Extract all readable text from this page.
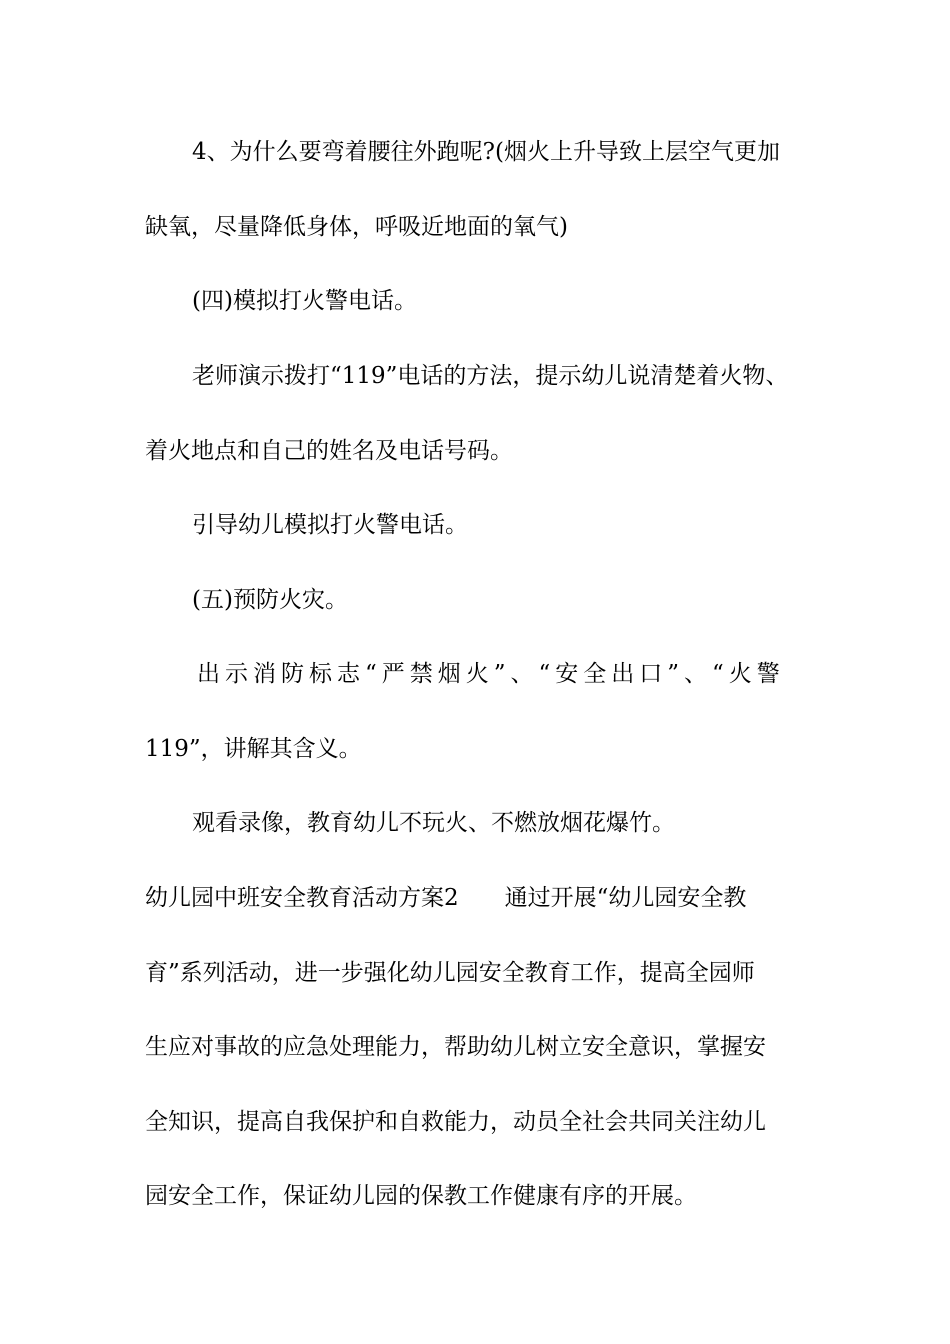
4、为什么要弯着腰往外跑呢?(烟火上升导致上层空气更加
缺氧，尽量降低身体，呼吸近地面的氧气)
(四)模拟打火警电话。
老师演示拨打“119”电话的方法，提示幼儿说清楚着火物、
着火地点和自己的姓名及电话号码。
引导幼儿模拟打火警电话。
(五)预防火灾。
出示消防标志“严禁烟火”、“安全出口”、“火警
119”，讲解其含义。
观看录像，教育幼儿不玩火、不燃放烟花爆竹。
幼儿园中班安全教育活动方案2　　通过开展“幼儿园安全教
育”系列活动，进一步强化幼儿园安全教育工作，提高全园师
生应对事故的应急处理能力，帮助幼儿树立安全意识，掌握安
全知识，提高自我保护和自救能力，动员全社会共同关注幼儿
园安全工作，保证幼儿园的保教工作健康有序的开展。
